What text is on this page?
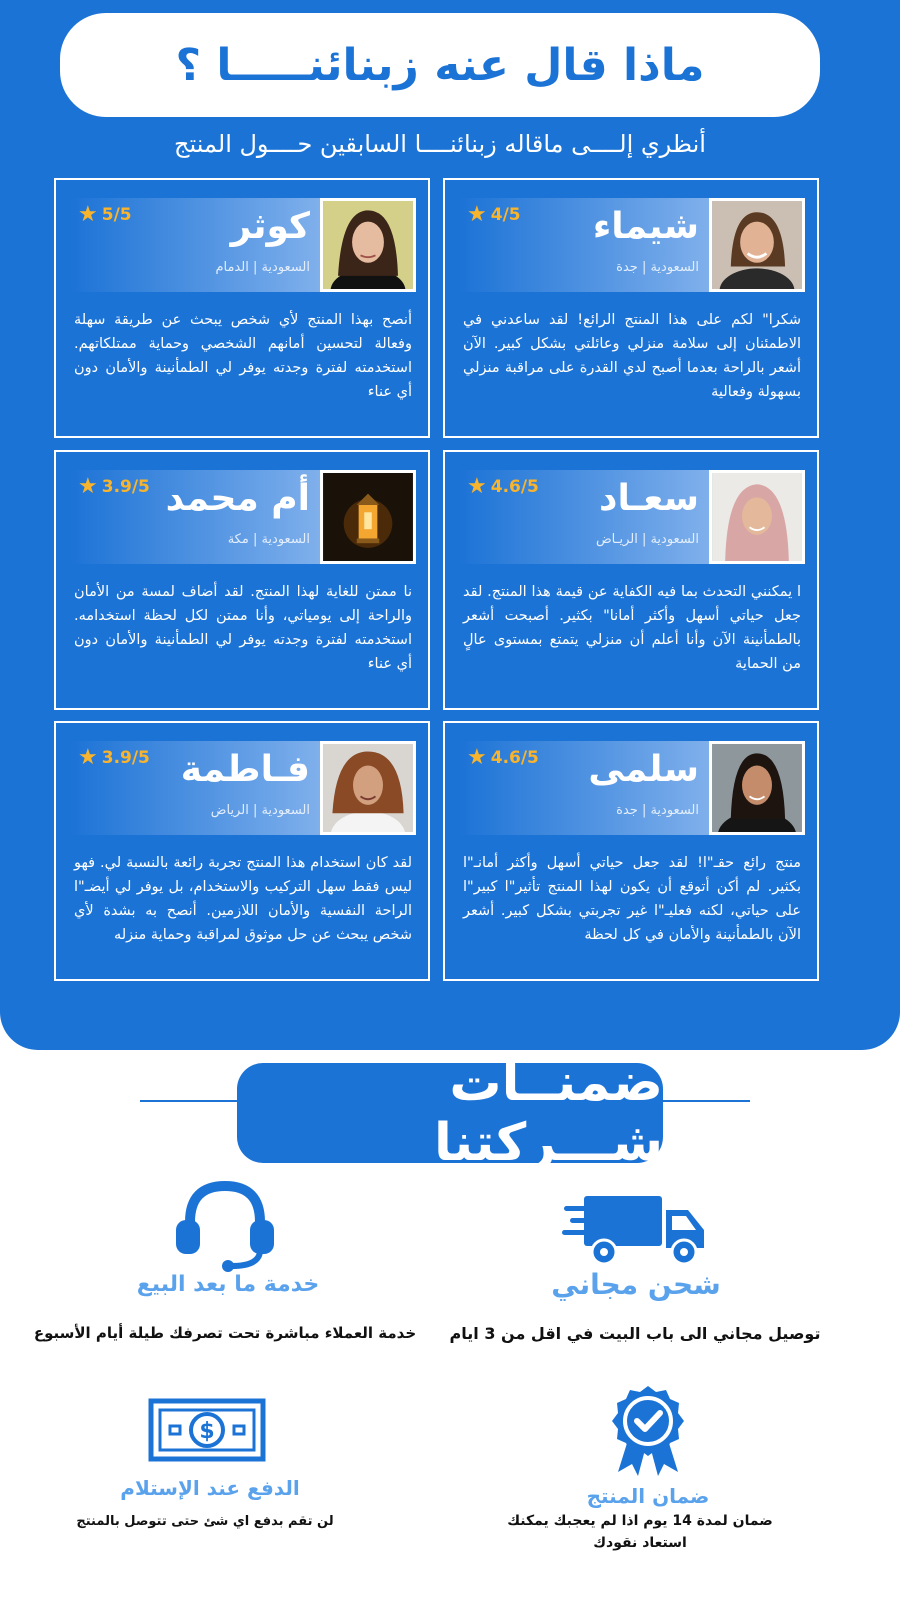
ماذا قال عنه زبنائنـــــا ؟
أنظري إلــــى ماقاله زبنائنــــا السابقين حــــول المنتج
شيماء
السعودية | جدة
★ 4/5
شكرا" لكم على هذا المنتج الرائع! لقد ساعدني في الاطمئنان إلى سلامة منزلي وعائلتي بشكل كبير. الآن أشعر بالراحة بعدما أصبح لدي القدرة على مراقبة منزلي بسهولة وفعالية
كوثر
السعودية | الدمام
★ 5/5
أنصح بهذا المنتج لأي شخص يبحث عن طريقة سهلة وفعالة لتحسين أمانهم الشخصي وحماية ممتلكاتهم. استخدمته لفترة وجدته يوفر لي الطمأنينة والأمان دون أي عناء
سعـاد
السعودية | الريـاض
★ 4.6/5
ا يمكنني التحدث بما فيه الكفاية عن قيمة هذا المنتج. لقد جعل حياتي أسهل وأكثر أمانا" بكثير. أصبحت أشعر بالطمأنينة الآن وأنا أعلم أن منزلي يتمتع بمستوى عالٍ من الحماية
أم محمد
السعودية | مكة
★ 3.9/5
نا ممتن للغاية لهذا المنتج. لقد أضاف لمسة من الأمان والراحة إلى يومياتي، وأنا ممتن لكل لحظة استخدامه. استخدمته لفترة وجدته يوفر لي الطمأنينة والأمان دون أي عناء
سلمى
السعودية | جدة
★ 4.6/5
منتج رائع حقـ"ا! لقد جعل حياتي أسهل وأكثر أمانـ"ا بكثير. لم أكن أتوقع أن يكون لهذا المنتج تأثير"ا كبير"ا على حياتي، لكنه فعليـ"ا غير تجربتي بشكل كبير. أشعر الآن بالطمأنينة والأمان في كل لحظة
فـاطمة
السعودية | الرياض
★ 3.9/5
لقد كان استخدام هذا المنتج تجربة رائعة بالنسبة لي. فهو ليس فقط سهل التركيب والاستخدام، بل يوفر لي أيضـ"ا الراحة النفسية والأمان اللازمين. أنصح به بشدة لأي شخص يبحث عن حل موثوق لمراقبة وحماية منزله
ضمنــات شـــركتنا
شحن مجاني
توصيل مجاني الى باب البيت في اقل من 3 ايام
خدمة ما بعد البيع
خدمة العملاء مباشرة تحت تصرفك طيلة أيام الأسبوع
ضمان المنتج
ضمان لمدة 14 يوم اذا لم يعجبك يمكنك استعاد نقودك
$
الدفع عند الإستلام
لن تقم بدفع اي شئ حتى تتوصل بالمنتج
